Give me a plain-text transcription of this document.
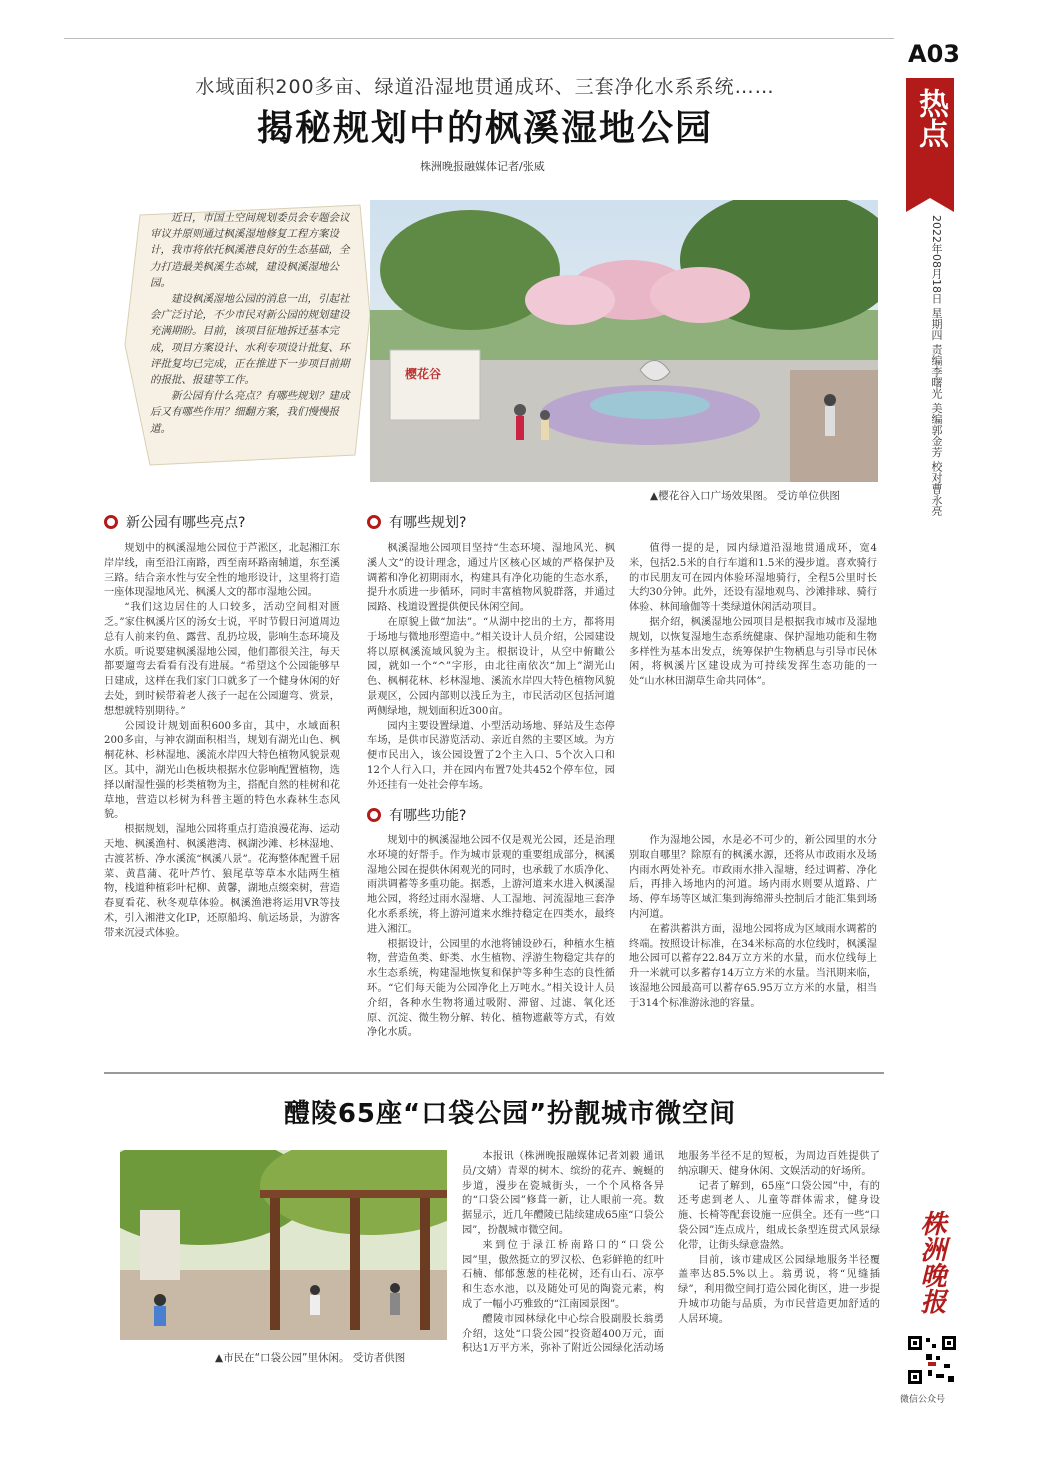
A03
热点
2022年08月18日 星期四 责编李曙光 美编郭金芳 校对曹永亮
水域面积200多亩、绿道沿湿地贯通成环、三套净化水系系统……
揭秘规划中的枫溪湿地公园
株洲晚报融媒体记者/张威

近日，市国土空间规划委员会专题会议审议并原则通过枫溪湿地修复工程方案设计，我市将依托枫溪港良好的生态基础，全力打造最美枫溪生态城，建设枫溪湿地公园。

建设枫溪湿地公园的消息一出，引起社会广泛讨论，不少市民对新公园的规划建设充满期盼。目前，该项目征地拆迁基本完成，项目方案设计、水利专项设计批复、环评批复均已完成，正在推进下一步项目前期的报批、报建等工作。

新公园有什么亮点？有哪些规划？建成后又有哪些作用？细翻方案，我们慢慢报道。

樱花谷
▲樱花谷入口广场效果图。 受访单位供图
新公园有哪些亮点?

规划中的枫溪湿地公园位于芦淞区，北起湘江东岸岸线，南至沿江南路，西至南环路南辅道，东至溪三路。结合亲水性与安全性的地形设计，这里将打造一座体现湿地风光、枫溪人文的都市湿地公园。

“我们这边居住的人口较多，活动空间相对匮乏。”家住枫溪片区的汤女士说，平时节假日河道周边总有人前来钓鱼、露营、乱扔垃圾，影响生态环境及水质。听说要建枫溪湿地公园，他们都很关注，每天都要遛弯去看看有没有进展。“希望这个公园能够早日建成，这样在我们家门口就多了一个健身休闲的好去处，到时候带着老人孩子一起在公园遛弯、赏景，想想就特别期待。”

公园设计规划面积600多亩，其中，水域面积200多亩，与神农湖面积相当，规划有湖光山色、枫桐花林、杉林湿地、溪流水岸四大特色植物风貌景观区。其中，湖光山色板块根据水位影响配置植物，选择以耐湿性强的杉类植物为主，搭配自然的桂树和花草地，营造以杉树为科普主题的特色水森林生态风貌。

根据规划，湿地公园将重点打造浪漫花海、运动天地、枫溪渔村、枫溪港湾、枫湖沙滩、杉林湿地、古渡茗桥、净水溪流“枫溪八景”。花海整体配置千屈菜、黄菖蒲、花叶芦竹、狼尾草等草本水陆两生植物，栈道种植彩叶杞柳、黄馨，湖地点缀栾树，营造春夏看花、秋冬观草体验。枫溪渔港将运用VR等技术，引入湘港文化IP，还原船坞、航运场景，为游客带来沉浸式体验。

有哪些规划?

枫溪湿地公园项目坚持“生态环境、湿地风光、枫溪人文”的设计理念，通过片区核心区域的严格保护及调蓄和净化初期雨水，构建具有净化功能的生态水系，提升水质进一步循环，同时丰富植物风貌群落，并通过园路、栈道设置提供便民休闲空间。

在原貌上做“加法”。“从湖中挖出的土方，都将用于场地与微地形塑造中。”相关设计人员介绍，公园建设将以原枫溪流域风貌为主。根据设计，从空中俯瞰公园，就如一个“^”字形，由北往南依次“加上”湖光山色、枫桐花林、杉林湿地、溪流水岸四大特色植物风貌景观区，公园内部则以浅丘为主，市民活动区包括河道两侧绿地，规划面积近300亩。

园内主要设置绿道、小型活动场地、驿站及生态停车场，是供市民游览活动、亲近自然的主要区域。为方便市民出入，该公园设置了2个主入口、5个次入口和12个人行入口，并在园内布置7处共452个停车位，园外还挂有一处社会停车场。

值得一提的是，园内绿道沿湿地贯通成环，宽4米，包括2.5米的自行车道和1.5米的漫步道。喜欢骑行的市民朋友可在园内体验环湿地骑行，全程5公里时长大约30分钟。此外，还设有湿地观鸟、沙滩排球、骑行体验、林间瑜伽等十类绿道休闲活动项目。

据介绍，枫溪湿地公园项目是根据我市城市及湿地规划，以恢复湿地生态系统健康、保护湿地功能和生物多样性为基本出发点，统筹保护生物栖息与引导市民休闲，将枫溪片区建设成为可持续发挥生态功能的一处“山水林田湖草生命共同体”。

有哪些功能?

规划中的枫溪湿地公园不仅是观光公园，还是治理水环境的好帮手。作为城市景观的重要组成部分，枫溪湿地公园在提供休闲观光的同时，也承载了水质净化、雨洪调蓄等多重功能。据悉，上游河道来水进入枫溪湿地公园，将经过雨水湿塘、人工湿地、河流湿地三套净化水系系统，将上游河道来水维持稳定在四类水，最终进入湘江。

根据设计，公园里的水池将铺设砂石，种植水生植物，营造鱼类、虾类、水生植物、浮游生物稳定共存的水生态系统，构建湿地恢复和保护等多种生态的良性循环。“它们每天能为公园净化上万吨水。”相关设计人员介绍，各种水生物将通过吸附、滞留、过滤、氧化还原、沉淀、微生物分解、转化、植物遮蔽等方式，有效净化水质。

作为湿地公园，水是必不可少的，新公园里的水分别取自哪里？除原有的枫溪水源，还将从市政雨水及场内雨水两处补充。市政雨水排入湿塘，经过调蓄、净化后，再排入场地内的河道。场内雨水则要从道路、广场、停车场等区域汇集到海绵滞头控制后才能汇集到场内河道。

在蓄洪蓄洪方面，湿地公园将成为区域雨水调蓄的终端。按照设计标准，在34米标高的水位线时，枫溪湿地公园可以蓄存22.84万立方米的水量，而水位线每上升一米就可以多蓄存14万立方米的水量。当汛期来临，该湿地公园最高可以蓄存65.95万立方米的水量，相当于314个标准游泳池的容量。

醴陵65座“口袋公园”扮靓城市微空间
▲市民在“口袋公园”里休闲。 受访者供图

本报讯（株洲晚报融媒体记者刘毅 通讯员/文婧）青翠的树木、缤纷的花卉、蜿蜒的步道，漫步在瓷城街头，一个个风格各异的“口袋公园”修葺一新，让人眼前一亮。数据显示，近几年醴陵已陆续建成65座“口袋公园”，扮靓城市微空间。

来到位于渌江桥南路口的“口袋公园”里，傲然挺立的罗汉松、色彩鲜艳的红叶石楠、郁郁葱葱的桂花树，还有山石、凉亭和生态水池，以及随处可见的陶瓷元素，构成了一幅小巧雅致的“江南园景图”。

醴陵市园林绿化中心综合股副股长翁勇介绍，这处“口袋公园”投资超400万元，面积达1万平方米，弥补了附近公园绿化活动场地服务半径不足的短板，为周边百姓提供了纳凉聊天、健身休闲、文娱活动的好场所。

记者了解到，65座“口袋公园”中，有的还考虑到老人、儿童等群体需求，健身设施、长椅等配套设施一应俱全。还有一些“口袋公园”连点成片，组成长条型连贯式风景绿化带，让街头绿意盎然。

目前，该市建成区公园绿地服务半径覆盖率达85.5%以上。翁勇说，将“见缝插绿”，利用微空间打造公园化街区，进一步提升城市功能与品质，为市民营造更加舒适的人居环境。

株洲晚报
微信公众号
